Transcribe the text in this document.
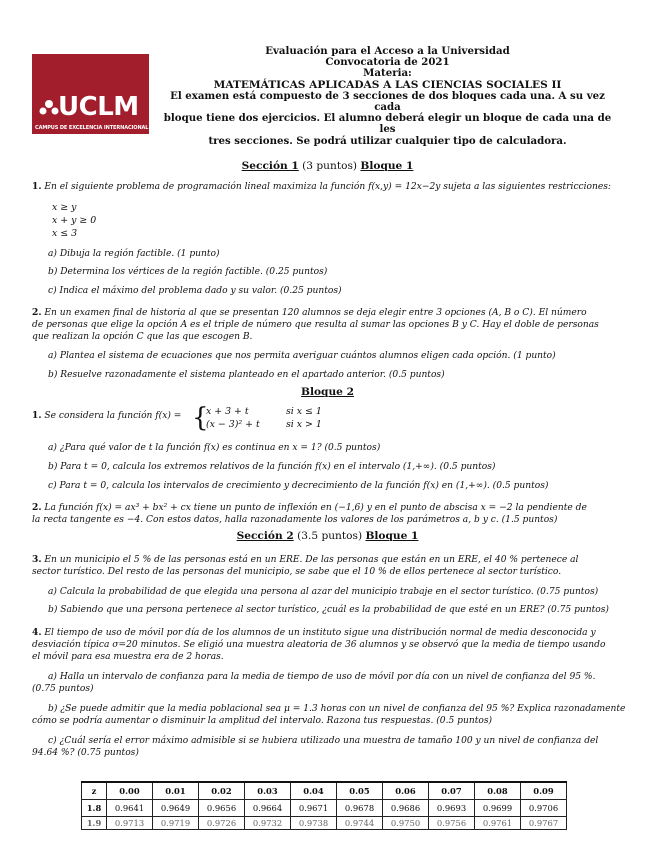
UCLM
CAMPUS DE EXCELENCIA INTERNACIONAL
Evaluación para el Acceso a la Universidad
Convocatoria de 2021
Materia:
MATEMÁTICAS APLICADAS A LAS CIENCIAS SOCIALES II
El examen está compuesto de 3 secciones de dos bloques cada una. A su vez cada
bloque tiene dos ejercicios. El alumno deberá elegir un bloque de cada una de les
tres secciones. Se podrá utilizar cualquier tipo de calculadora.
Sección 1 (3 puntos) Bloque 1
1. En el siguiente problema de programación lineal maximiza la función f(x,y) = 12x−2y sujeta a las siguientes restricciones:
x ≥ y
x + y ≥ 0
x ≤ 3
a) Dibuja la región factible. (1 punto)
b) Determina los vértices de la región factible. (0.25 puntos)
c) Indica el máximo del problema dado y su valor. (0.25 puntos)
2. En un examen final de historia al que se presentan 120 alumnos se deja elegir entre 3 opciones (A, B o C). El número
de personas que elige la opción A es el triple de número que resulta al sumar las opciones B y C. Hay el doble de personas
que realizan la opción C que las que escogen B.
a) Plantea el sistema de ecuaciones que nos permita averiguar cuántos alumnos eligen cada opción. (1 punto)
b) Resuelve razonadamente el sistema planteado en el apartado anterior. (0.5 puntos)
Bloque 2
1. Se considera la función f(x) = {
x + 3 + t	si x ≤ 1
(x − 3)² + t	si x > 1
a) ¿Para qué valor de t la función f(x) es continua en x = 1? (0.5 puntos)
b) Para t = 0, calcula los extremos relativos de la función f(x) en el intervalo (1,+∞). (0.5 puntos)
c) Para t = 0, calcula los intervalos de crecimiento y decrecimiento de la función f(x) en (1,+∞). (0.5 puntos)
2. La función f(x) = ax³ + bx² + cx tiene un punto de inflexión en (−1,6) y en el punto de abscisa x = −2 la pendiente de
la recta tangente es −4. Con estos datos, halla razonadamente los valores de los parámetros a, b y c. (1.5 puntos)
Sección 2 (3.5 puntos) Bloque 1
3. En un municipio el 5 % de las personas está en un ERE. De las personas que están en un ERE, el 40 % pertenece al
sector turístico. Del resto de las personas del municipio, se sabe que el 10 % de ellos pertenece al sector turístico.
a) Calcula la probabilidad de que elegida una persona al azar del municipio trabaje en el sector turístico. (0.75 puntos)
b) Sabiendo que una persona pertenece al sector turístico, ¿cuál es la probabilidad de que esté en un ERE? (0.75 puntos)
4. El tiempo de uso de móvil por día de los alumnos de un instituto sigue una distribución normal de media desconocida y
desviación típica σ=20 minutos. Se eligió una muestra aleatoria de 36 alumnos y se observó que la media de tiempo usando
el móvil para esa muestra era de 2 horas.
a) Halla un intervalo de confianza para la media de tiempo de uso de móvil por día con un nivel de confianza del 95 %.
(0.75 puntos)
b) ¿Se puede admitir que la media poblacional sea μ = 1.3 horas con un nivel de confianza del 95 %? Explica razonadamente
cómo se podría aumentar o disminuir la amplitud del intervalo. Razona tus respuestas. (0.5 puntos)
c) ¿Cuál sería el error máximo admisible si se hubiera utilizado una muestra de tamaño 100 y un nivel de confianza del
94.64 %? (0.75 puntos)
z	0.00	0.01	0.02	0.03	0.04	0.05	0.06	0.07	0.08	0.09
1.8	0.9641	0.9649	0.9656	0.9664	0.9671	0.9678	0.9686	0.9693	0.9699	0.9706
1.9	0.9713	0.9719	0.9726	0.9732	0.9738	0.9744	0.9750	0.9756	0.9761	0.9767
